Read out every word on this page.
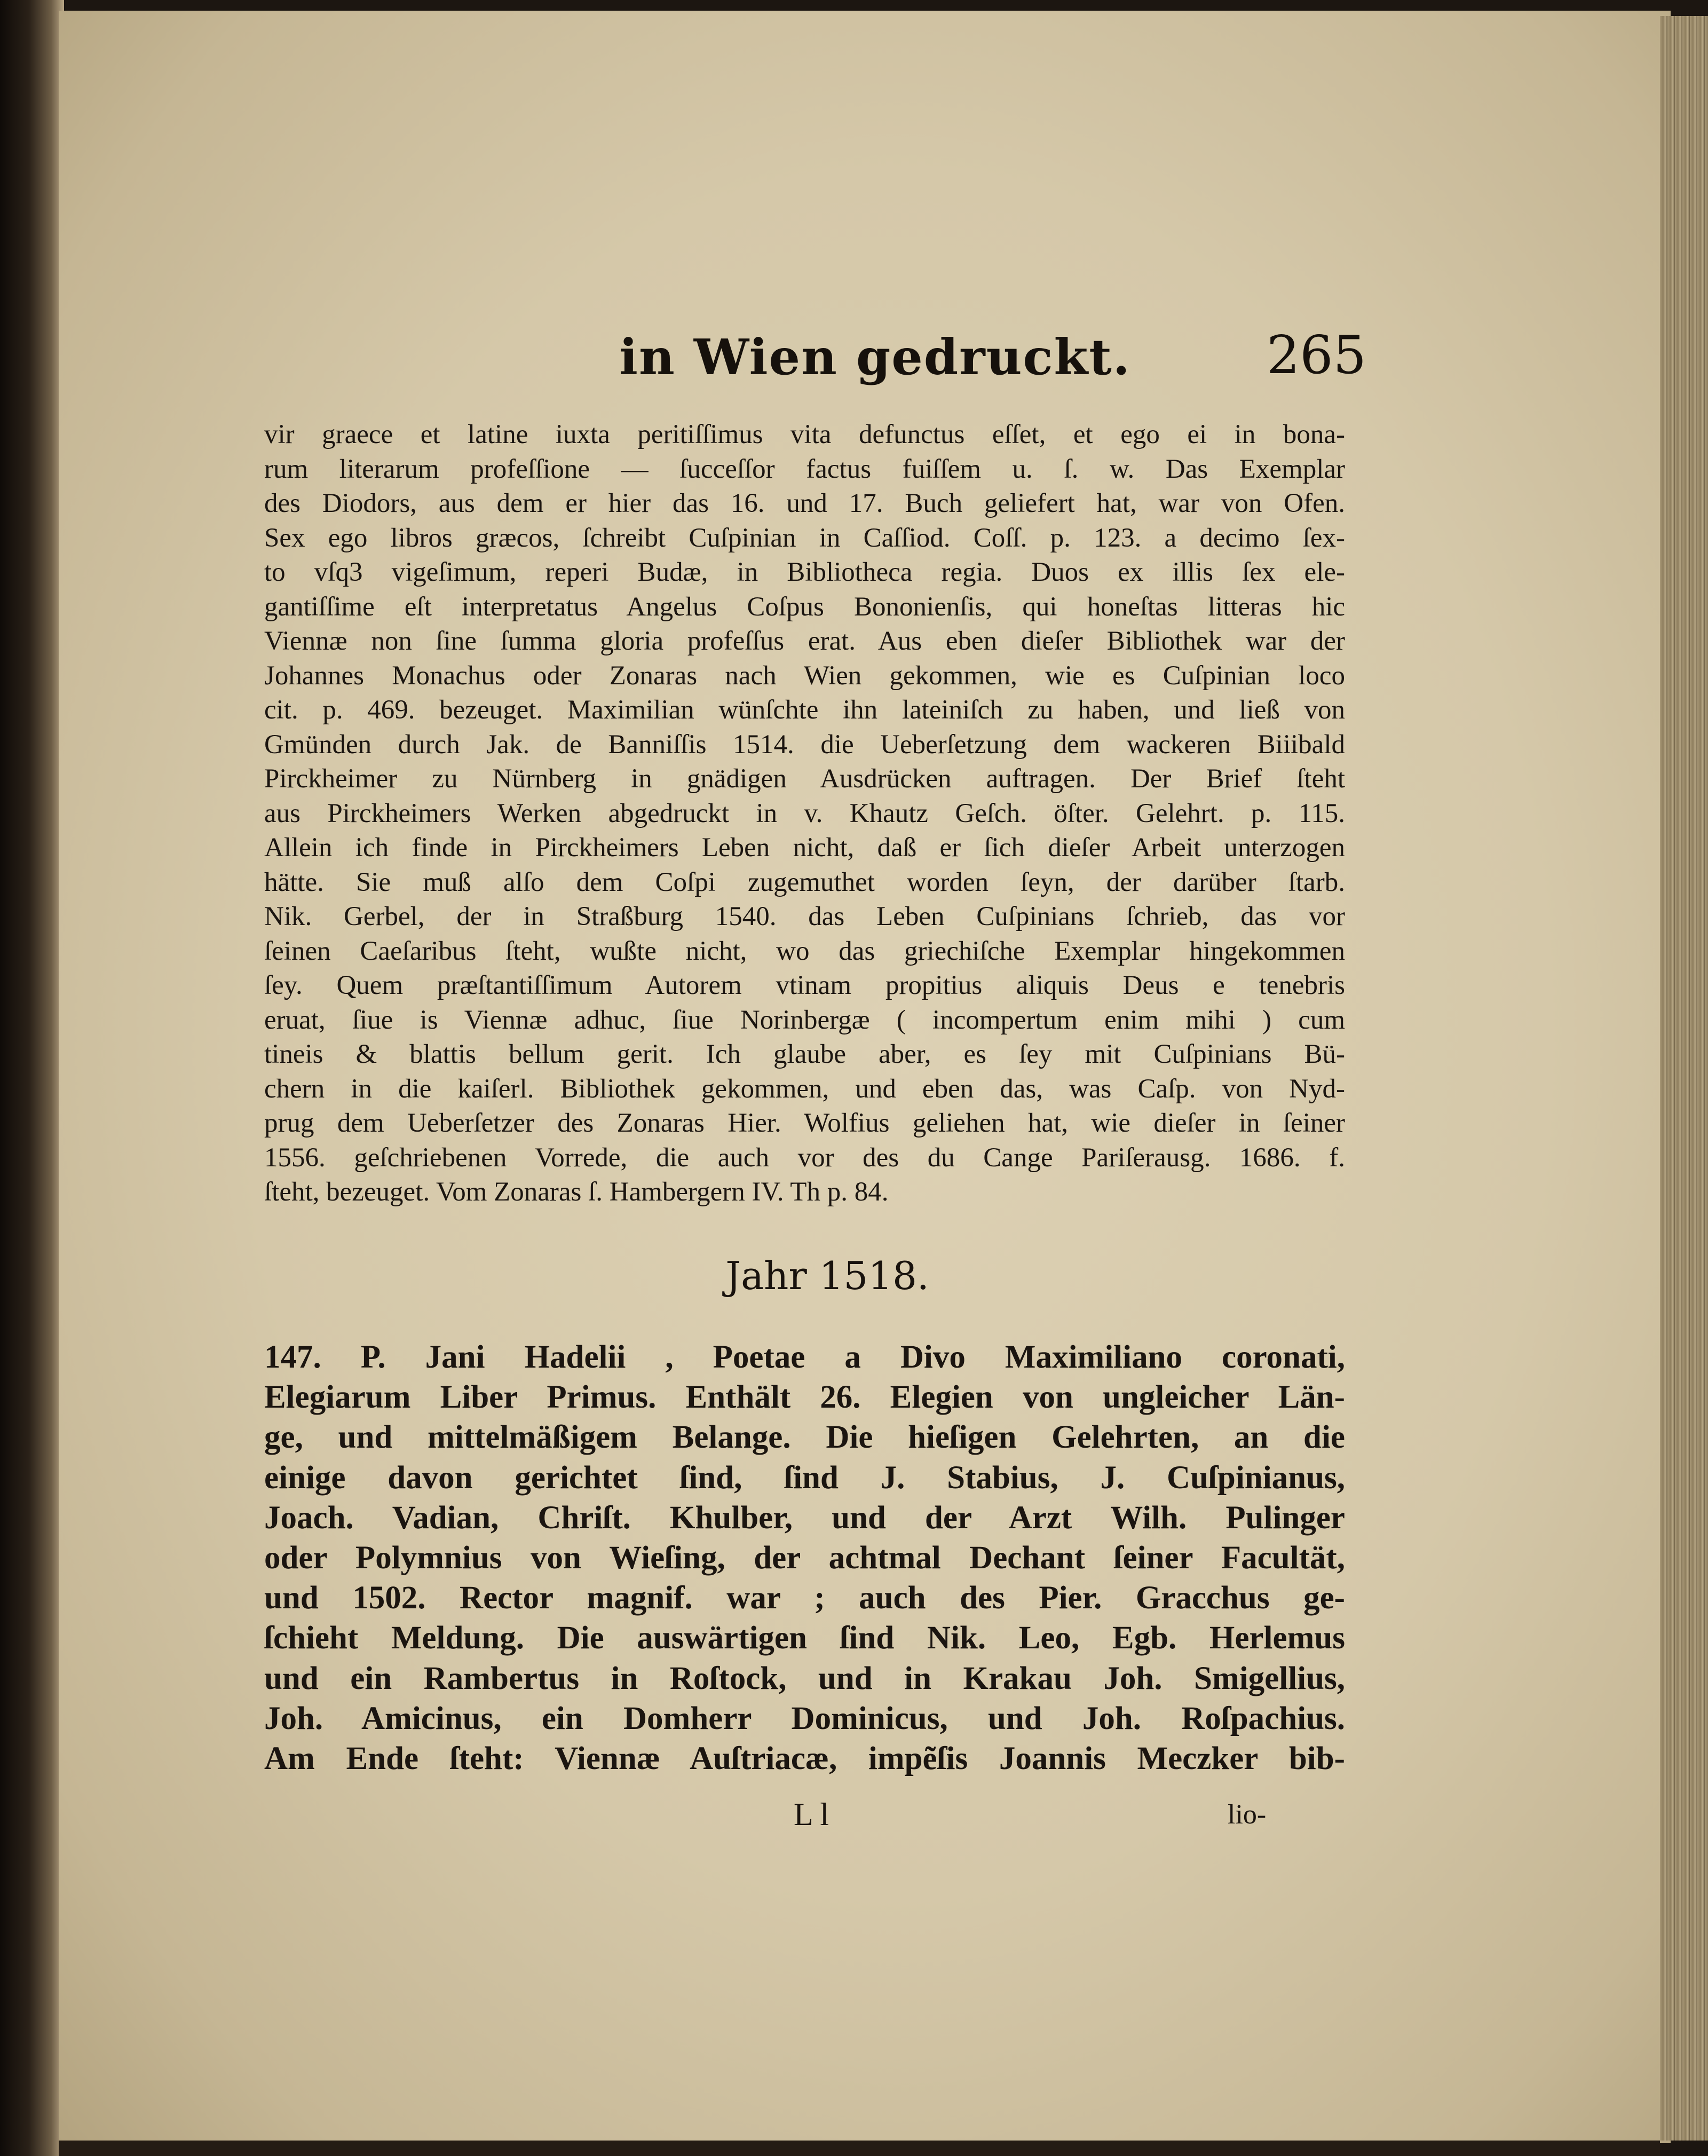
in Wien gedruckt.	265
vir graece et latine iuxta peritiſſimus vita defunctus eſſet, et ego ei in bona-
rum literarum profeſſione — ſucceſſor factus fuiſſem u. ſ. w. Das Exemplar
des Diodors, aus dem er hier das 16. und 17. Buch geliefert hat, war von Ofen.
Sex ego libros græcos, ſchreibt Cuſpinian in Caſſiod. Coſſ. p. 123. a decimo ſex-
to vſq3 vigeſimum, reperi Budæ, in Bibliotheca regia. Duos ex illis ſex ele-
gantiſſime eſt interpretatus Angelus Coſpus Bononienſis, qui honeſtas litteras hic
Viennæ non ſine ſumma gloria profeſſus erat. Aus eben dieſer Bibliothek war der
Johannes Monachus oder Zonaras nach Wien gekommen, wie es Cuſpinian loco
cit. p. 469. bezeuget. Maximilian wünſchte ihn lateiniſch zu haben, und ließ von
Gmünden durch Jak. de Banniſſis 1514. die Ueberſetzung dem wackeren Biiibald
Pirckheimer zu Nürnberg in gnädigen Ausdrücken auftragen. Der Brief ſteht
aus Pirckheimers Werken abgedruckt in v. Khautz Geſch. öſter. Gelehrt. p. 115.
Allein ich finde in Pirckheimers Leben nicht, daß er ſich dieſer Arbeit unterzogen
hätte. Sie muß alſo dem Coſpi zugemuthet worden ſeyn, der darüber ſtarb.
Nik. Gerbel, der in Straßburg 1540. das Leben Cuſpinians ſchrieb, das vor
ſeinen Caeſaribus ſteht, wußte nicht, wo das griechiſche Exemplar hingekommen
ſey. Quem præſtantiſſimum Autorem vtinam propitius aliquis Deus e tenebris
eruat, ſiue is Viennæ adhuc, ſiue Norinbergæ ( incompertum enim mihi ) cum
tineis & blattis bellum gerit. Ich glaube aber, es ſey mit Cuſpinians Bü-
chern in die kaiſerl. Bibliothek gekommen, und eben das, was Caſp. von Nyd-
prug dem Ueberſetzer des Zonaras Hier. Wolfius geliehen hat, wie dieſer in ſeiner
1556. geſchriebenen Vorrede, die auch vor des du Cange Pariſerausg. 1686. f.
ſteht, bezeuget. Vom Zonaras ſ. Hambergern IV. Th p. 84.
Jahr 1518.
147. P. Jani Hadelii , Poetae a Divo Maximiliano coronati,
Elegiarum Liber Primus. Enthält 26. Elegien von ungleicher Län-
ge, und mittelmäßigem Belange. Die hieſigen Gelehrten, an die
einige davon gerichtet ſind, ſind J. Stabius, J. Cuſpinianus,
Joach. Vadian, Chriſt. Khulber, und der Arzt Wilh. Pulinger
oder Polymnius von Wieſing, der achtmal Dechant ſeiner Facultät,
und 1502. Rector magnif. war ; auch des Pier. Gracchus ge-
ſchieht Meldung. Die auswärtigen ſind Nik. Leo, Egb. Herlemus
und ein Rambertus in Roſtock, und in Krakau Joh. Smigellius,
Joh. Amicinus, ein Domherr Dominicus, und Joh. Roſpachius.
Am Ende ſteht: Viennæ Auſtriacæ, impẽſis Joannis Meczker bib-
L l	lio-
